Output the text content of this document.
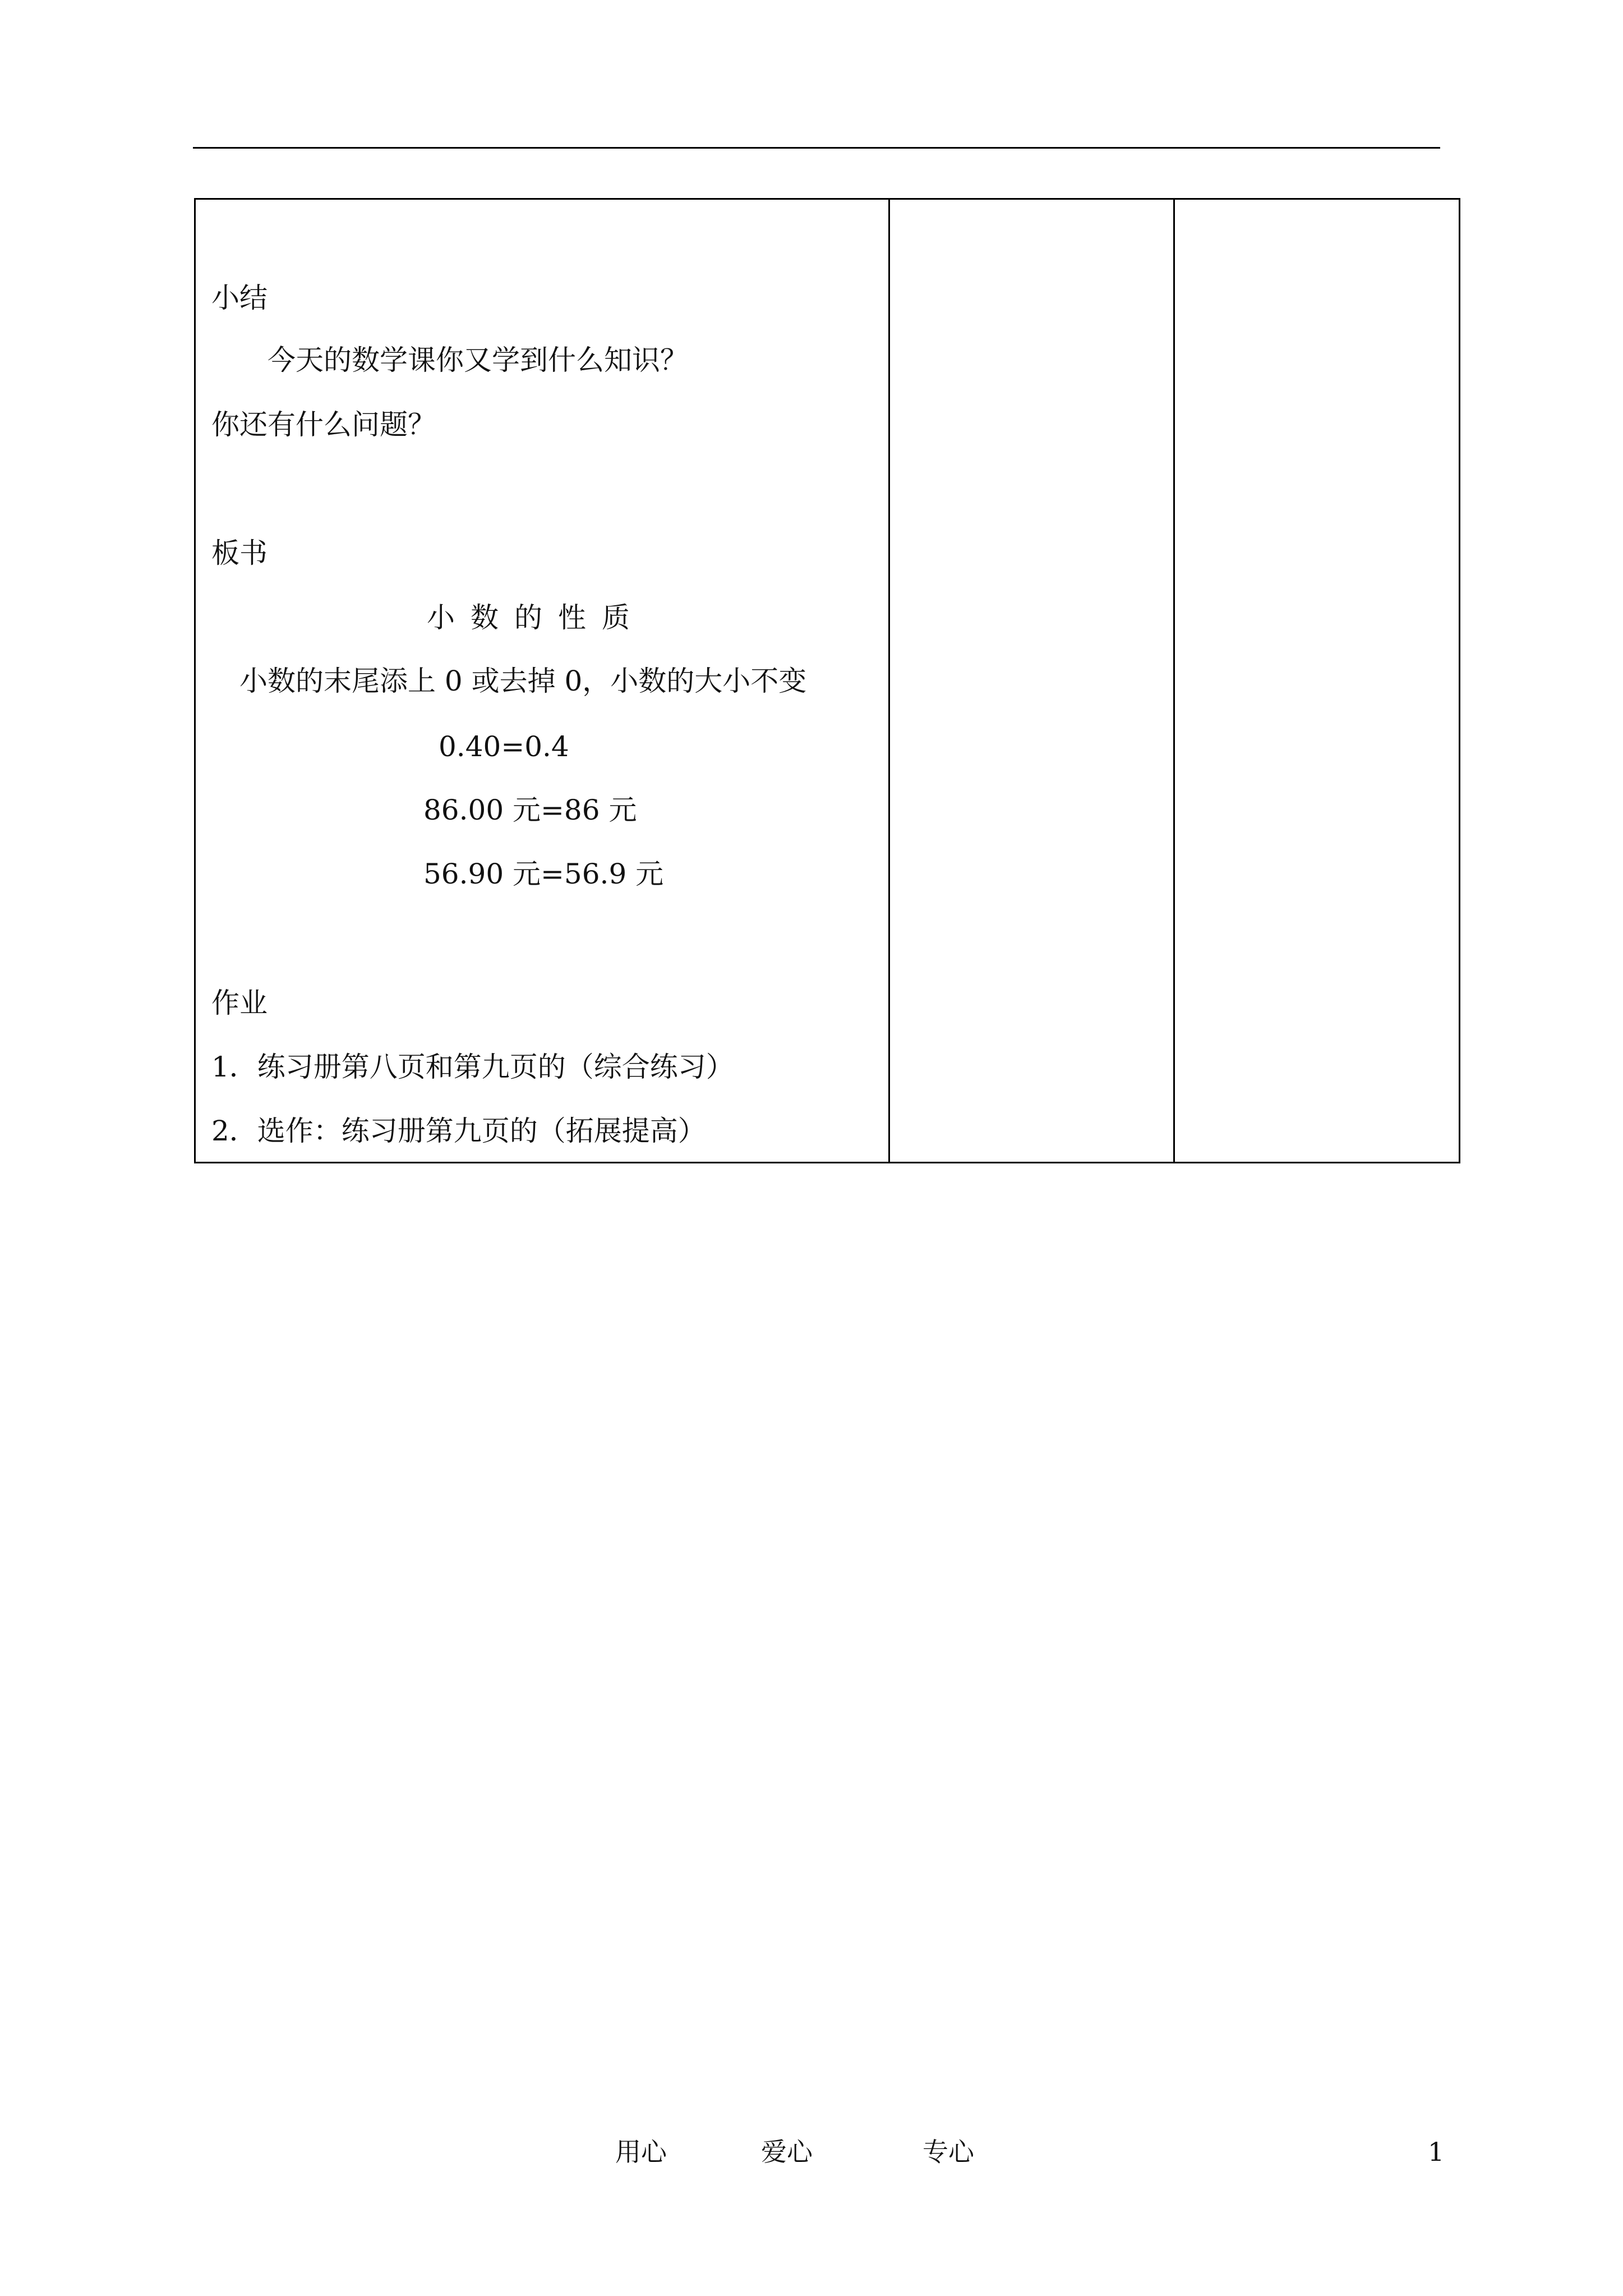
小结
今天的数学课你又学到什么知识？
你还有什么问题？
板书
小数的性质
小数的末尾添上 0 或去掉 0，小数的大小不变
0.40=0.4
86.00 元=86 元
56.90 元=56.9 元
作业
1．练习册第八页和第九页的（综合练习）
2．选作：练习册第九页的（拓展提高）

用心	爱心	专心	1
